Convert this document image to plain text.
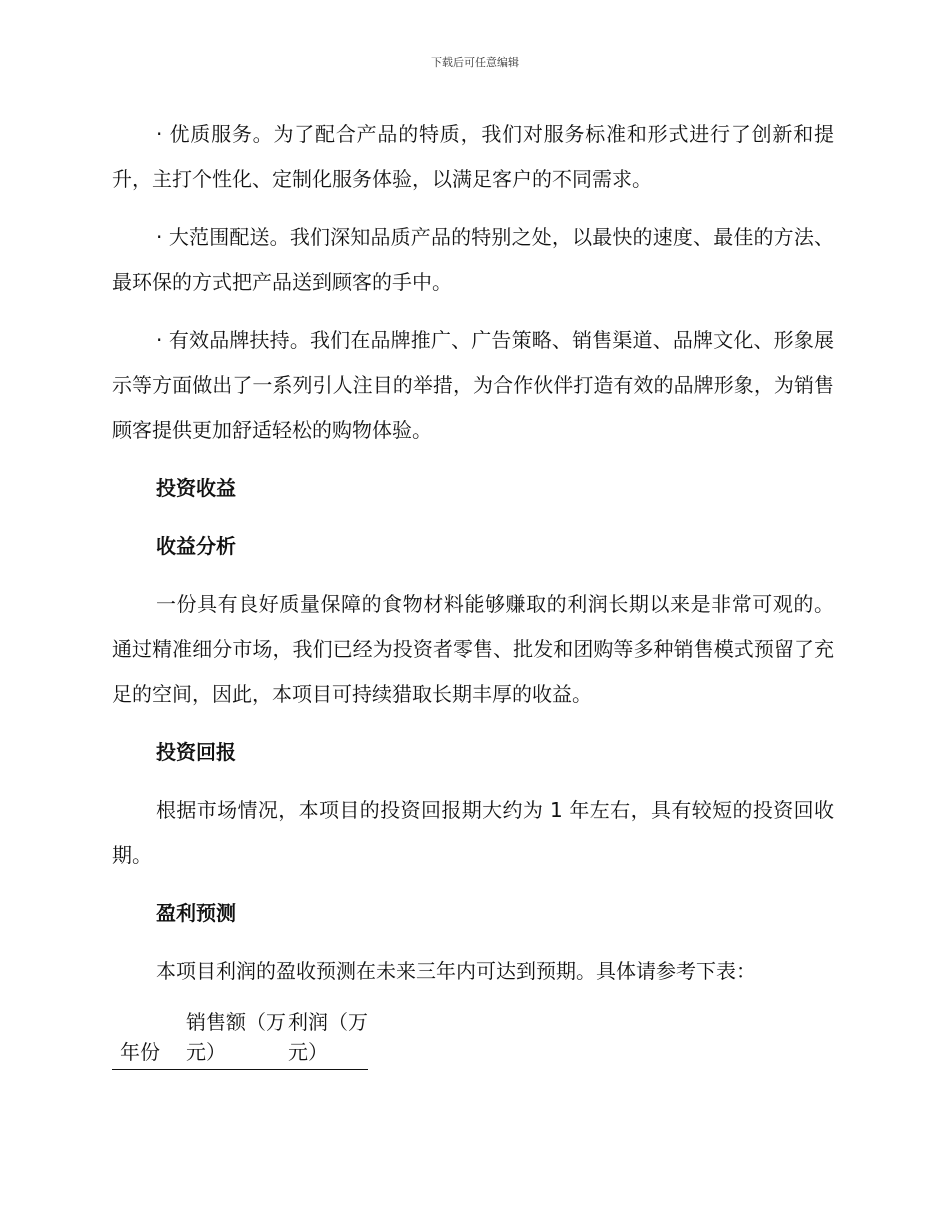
下载后可任意编辑

· 优质服务。为了配合产品的特质，我们对服务标准和形式进行了创新和提升，主打个性化、定制化服务体验，以满足客户的不同需求。

· 大范围配送。我们深知品质产品的特别之处，以最快的速度、最佳的方法、最环保的方式把产品送到顾客的手中。

· 有效品牌扶持。我们在品牌推广、广告策略、销售渠道、品牌文化、形象展示等方面做出了一系列引人注目的举措，为合作伙伴打造有效的品牌形象，为销售顾客提供更加舒适轻松的购物体验。

投资收益

收益分析

一份具有良好质量保障的食物材料能够赚取的利润长期以来是非常可观的。通过精准细分市场，我们已经为投资者零售、批发和团购等多种销售模式预留了充足的空间，因此，本项目可持续猎取长期丰厚的收益。

投资回报

根据市场情况，本项目的投资回报期大约为 1 年左右，具有较短的投资回收期。

盈利预测

本项目利润的盈收预测在未来三年内可达到预期。具体请参考下表：

年份	销售额（万元）	利润（万元）
